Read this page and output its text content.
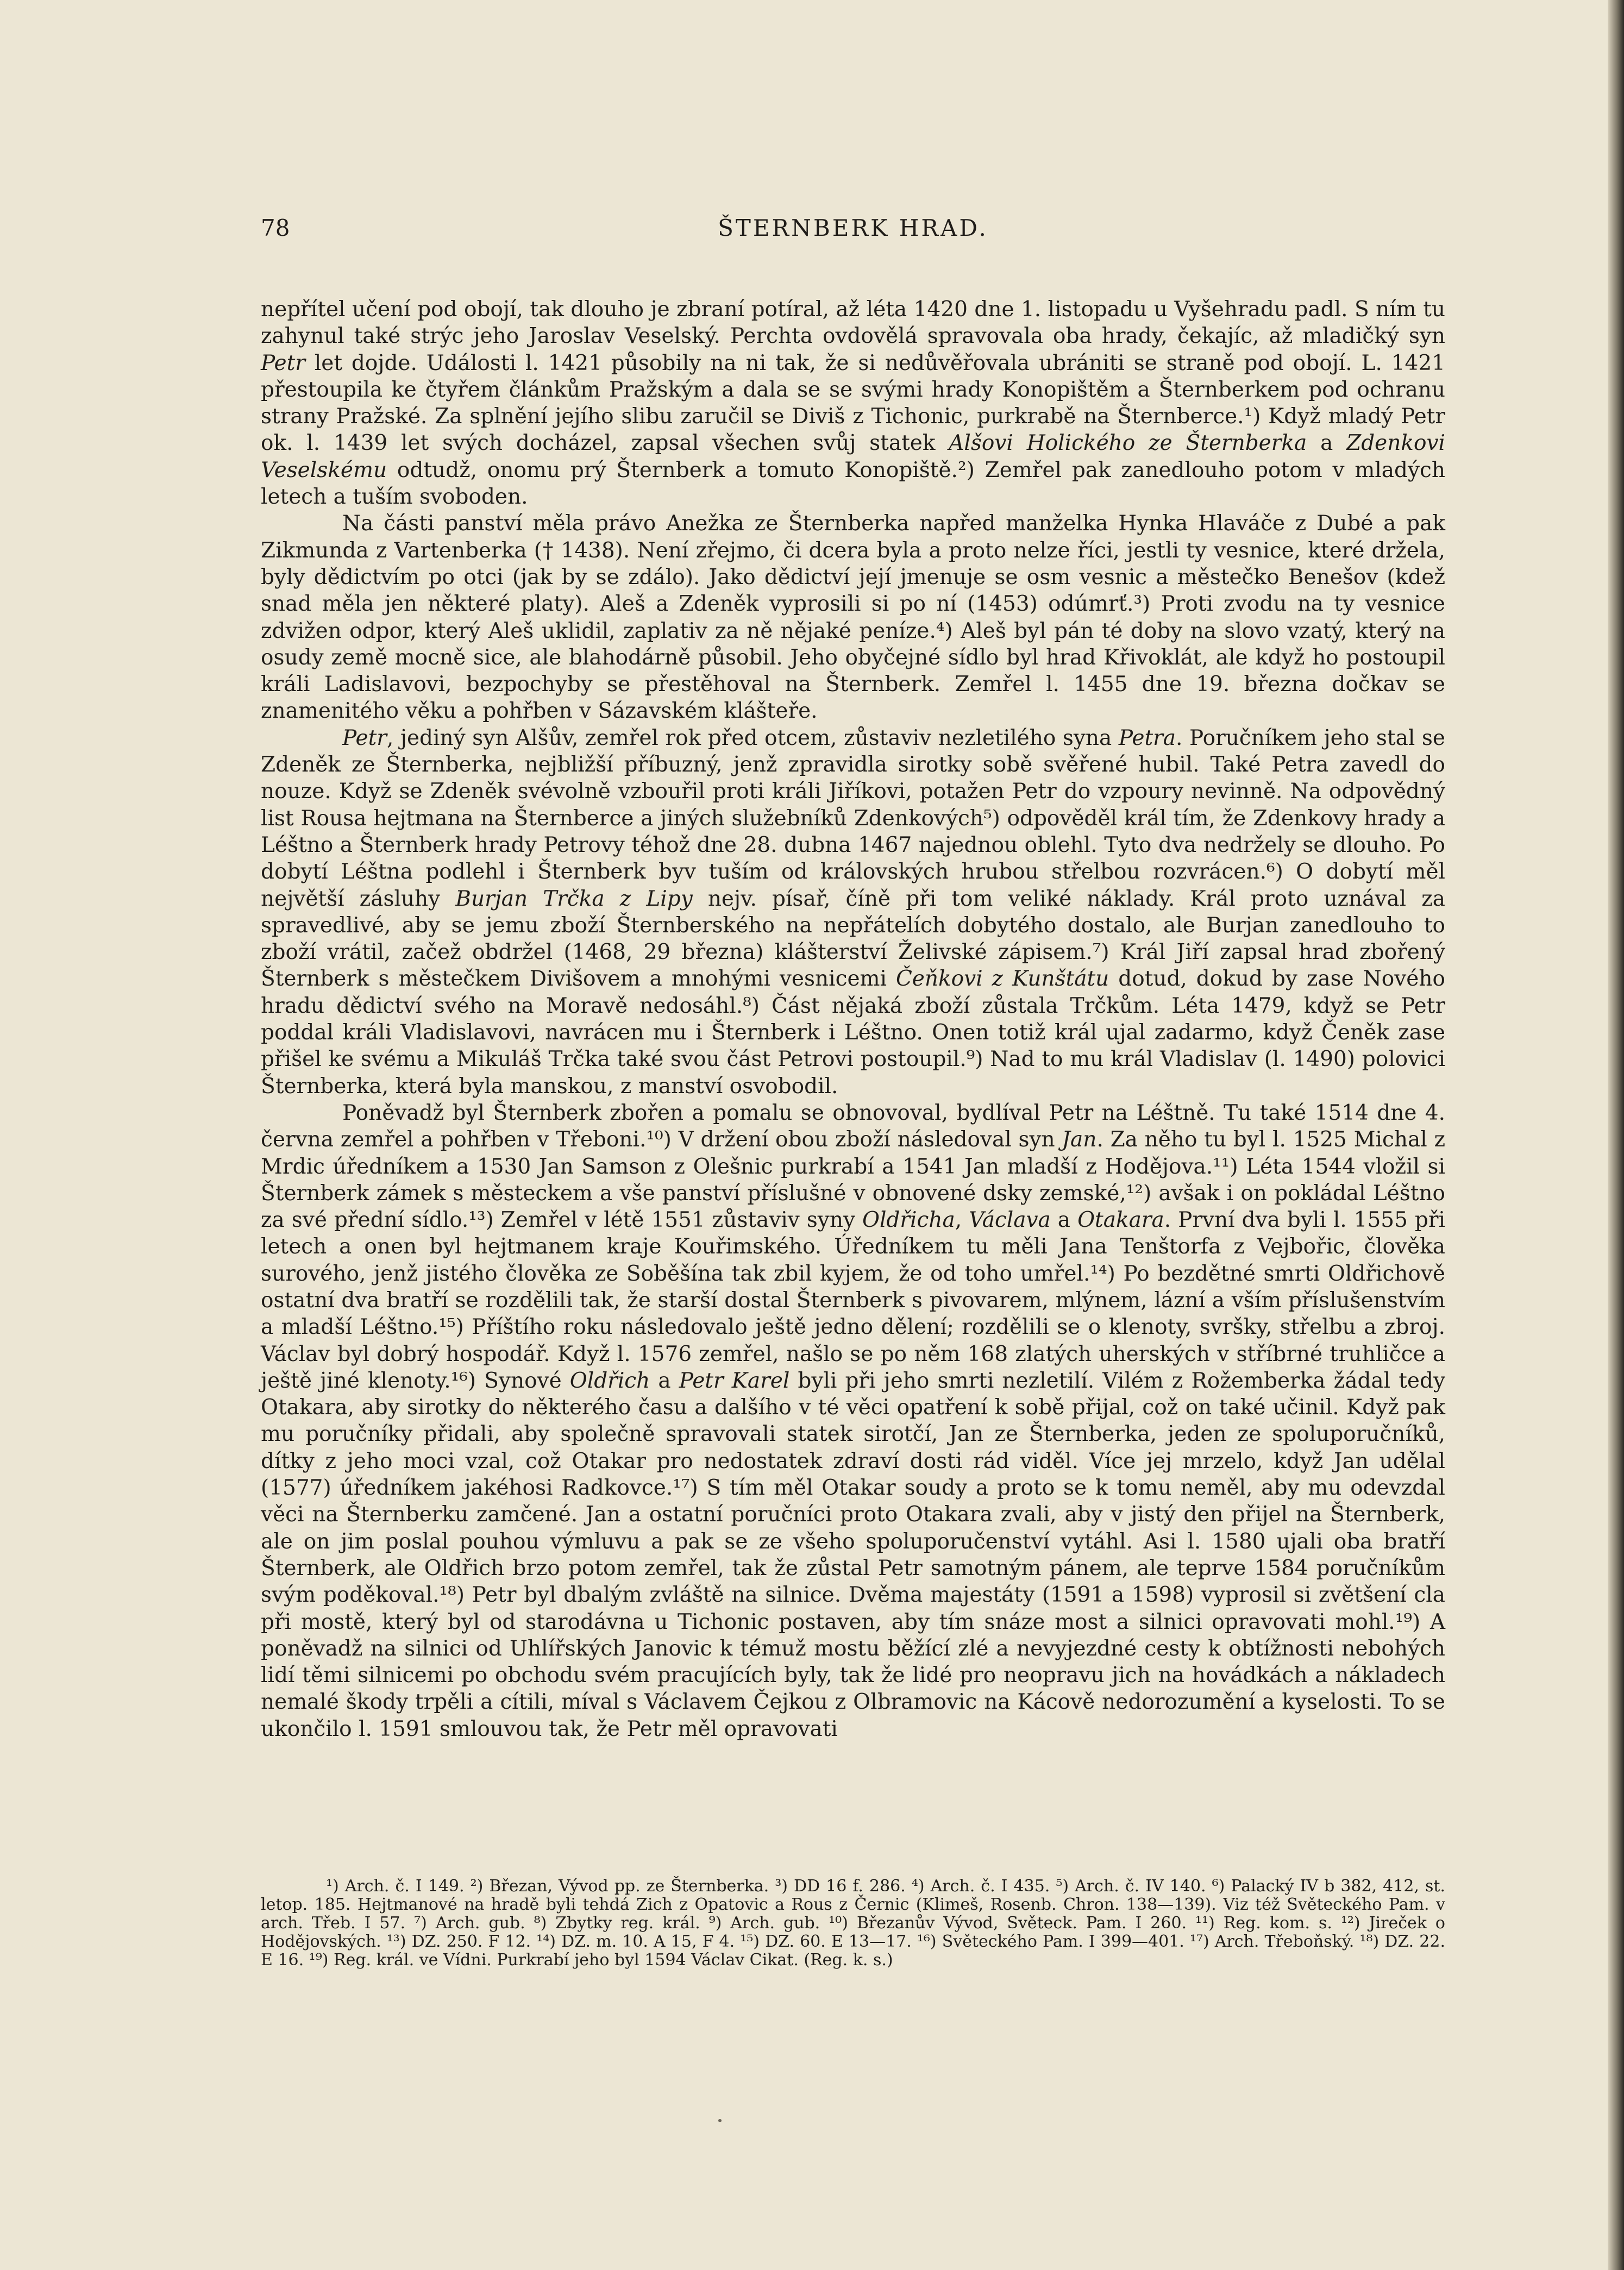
78	ŠTERNBERK HRAD.

nepřítel učení pod obojí, tak dlouho je zbraní potíral, až léta 1420 dne 1. listopadu u Vyšehradu padl. S ním tu zahynul také strýc jeho Jaroslav Veselský. Perchta ovdovělá spravovala oba hrady, čekajíc, až mladičký syn Petr let dojde. Události l. 1421 působily na ni tak, že si nedůvěřovala ubrániti se straně pod obojí. L. 1421 přestoupila ke čtyřem článkům Pražským a dala se se svými hrady Konopištěm a Šternberkem pod ochranu strany Pražské. Za splnění jejího slibu zaručil se Diviš z Tichonic, purkrabě na Šternberce.¹) Když mladý Petr ok. l. 1439 let svých docházel, zapsal všechen svůj statek Alšovi Holického ze Šternberka a Zdenkovi Veselskému odtudž, onomu prý Šternberk a tomuto Konopiště.²) Zemřel pak zanedlouho potom v mladých letech a tuším svoboden.

Na části panství měla právo Anežka ze Šternberka napřed manželka Hynka Hlaváče z Dubé a pak Zikmunda z Vartenberka († 1438). Není zřejmo, či dcera byla a proto nelze říci, jestli ty vesnice, které držela, byly dědictvím po otci (jak by se zdálo). Jako dědictví její jmenuje se osm vesnic a městečko Benešov (kdež snad měla jen některé platy). Aleš a Zdeněk vyprosili si po ní (1453) odúmrť.³) Proti zvodu na ty vesnice zdvižen odpor, který Aleš uklidil, zaplativ za ně nějaké peníze.⁴) Aleš byl pán té doby na slovo vzatý, který na osudy země mocně sice, ale blahodárně působil. Jeho obyčejné sídlo byl hrad Křivoklát, ale když ho postoupil králi Ladislavovi, bezpochyby se přestěhoval na Šternberk. Zemřel l. 1455 dne 19. března dočkav se znamenitého věku a pohřben v Sázavském klášteře.

Petr, jediný syn Alšův, zemřel rok před otcem, zůstaviv nezletilého syna Petra. Poručníkem jeho stal se Zdeněk ze Šternberka, nejbližší příbuzný, jenž zpravidla sirotky sobě svěřené hubil. Také Petra zavedl do nouze. Když se Zdeněk svévolně vzbouřil proti králi Jiříkovi, potažen Petr do vzpoury nevinně. Na odpovědný list Rousa hejtmana na Šternberce a jiných služebníků Zdenkových⁵) odpověděl král tím, že Zdenkovy hrady a Léštno a Šternberk hrady Petrovy téhož dne 28. dubna 1467 najednou oblehl. Tyto dva nedržely se dlouho. Po dobytí Léštna podlehl i Šternberk byv tuším od královských hrubou střelbou rozvrácen.⁶) O dobytí měl největší zásluhy Burjan Trčka z Lipy nejv. písař, číně při tom veliké náklady. Král proto uznával za spravedlivé, aby se jemu zboží Šternberského na nepřátelích dobytého dostalo, ale Burjan zanedlouho to zboží vrátil, začež obdržel (1468, 29 března) klášterství Želivské zápisem.⁷) Král Jiří zapsal hrad zbořený Šternberk s městečkem Divišovem a mnohými vesnicemi Čeňkovi z Kunštátu dotud, dokud by zase Nového hradu dědictví svého na Moravě nedosáhl.⁸) Část nějaká zboží zůstala Trčkům. Léta 1479, když se Petr poddal králi Vladislavovi, navrácen mu i Šternberk i Léštno. Onen totiž král ujal zadarmo, když Čeněk zase přišel ke svému a Mikuláš Trčka také svou část Petrovi postoupil.⁹) Nad to mu král Vladislav (l. 1490) polovici Šternberka, která byla manskou, z manství osvobodil.

Poněvadž byl Šternberk zbořen a pomalu se obnovoval, bydlíval Petr na Léštně. Tu také 1514 dne 4. června zemřel a pohřben v Třeboni.¹⁰) V držení obou zboží následoval syn Jan. Za něho tu byl l. 1525 Michal z Mrdic úředníkem a 1530 Jan Samson z Olešnic purkrabí a 1541 Jan mladší z Hodějova.¹¹) Léta 1544 vložil si Šternberk zámek s městeckem a vše panství příslušné v obnovené dsky zemské,¹²) avšak i on pokládal Léštno za své přední sídlo.¹³) Zemřel v létě 1551 zůstaviv syny Oldřicha, Václava a Otakara. První dva byli l. 1555 při letech a onen byl hejtmanem kraje Kouřimského. Úředníkem tu měli Jana Tenštorfa z Vejbořic, člověka surového, jenž jistého člověka ze Soběšína tak zbil kyjem, že od toho umřel.¹⁴) Po bezdětné smrti Oldřichově ostatní dva bratří se rozdělili tak, že starší dostal Šternberk s pivovarem, mlýnem, lázní a vším příslušenstvím a mladší Léštno.¹⁵) Příštího roku následovalo ještě jedno dělení; rozdělili se o klenoty, svršky, střelbu a zbroj. Václav byl dobrý hospodář. Když l. 1576 zemřel, našlo se po něm 168 zlatých uherských v stříbrné truhličce a ještě jiné klenoty.¹⁶) Synové Oldřich a Petr Karel byli při jeho smrti nezletilí. Vilém z Rožemberka žádal tedy Otakara, aby sirotky do některého času a dalšího v té věci opatření k sobě přijal, což on také učinil. Když pak mu poručníky přidali, aby společně spravovali statek sirotčí, Jan ze Šternberka, jeden ze spoluporučníků, dítky z jeho moci vzal, což Otakar pro nedostatek zdraví dosti rád viděl. Více jej mrzelo, když Jan udělal (1577) úředníkem jakéhosi Radkovce.¹⁷) S tím měl Otakar soudy a proto se k tomu neměl, aby mu odevzdal věci na Šternberku zamčené. Jan a ostatní poručníci proto Otakara zvali, aby v jistý den přijel na Šternberk, ale on jim poslal pouhou výmluvu a pak se ze všeho spoluporučenství vytáhl. Asi l. 1580 ujali oba bratří Šternberk, ale Oldřich brzo potom zemřel, tak že zůstal Petr samotným pánem, ale teprve 1584 poručníkům svým poděkoval.¹⁸) Petr byl dbalým zvláště na silnice. Dvěma majestáty (1591 a 1598) vyprosil si zvětšení cla při mostě, který byl od starodávna u Tichonic postaven, aby tím snáze most a silnici opravovati mohl.¹⁹) A poněvadž na silnici od Uhlířských Janovic k témuž mostu běžící zlé a nevyjezdné cesty k obtížnosti nebohých lidí těmi silnicemi po obchodu svém pracujících byly, tak že lidé pro neopravu jich na hovádkách a nákladech nemalé škody trpěli a cítili, míval s Václavem Čejkou z Olbramovic na Kácově nedorozumění a kyselosti. To se ukončilo l. 1591 smlouvou tak, že Petr měl opravovati

¹) Arch. č. I 149. ²) Březan, Vývod pp. ze Šternberka. ³) DD 16 f. 286. ⁴) Arch. č. I 435. ⁵) Arch. č. IV 140. ⁶) Palacký IV b 382, 412, st. letop. 185. Hejtmanové na hradě byli tehdá Zich z Opatovic a Rous z Černic (Klimeš, Rosenb. Chron. 138—139). Viz též Světeckého Pam. v arch. Třeb. I 57. ⁷) Arch. gub. ⁸) Zbytky reg. král. ⁹) Arch. gub. ¹⁰) Březanův Vývod, Světeck. Pam. I 260. ¹¹) Reg. kom. s. ¹²) Jireček o Hodějovských. ¹³) DZ. 250. F 12. ¹⁴) DZ. m. 10. A 15, F 4. ¹⁵) DZ. 60. E 13—17. ¹⁶) Světeckého Pam. I 399—401. ¹⁷) Arch. Třeboňský. ¹⁸) DZ. 22. E 16. ¹⁹) Reg. král. ve Vídni. Purkrabí jeho byl 1594 Václav Cikat. (Reg. k. s.)
